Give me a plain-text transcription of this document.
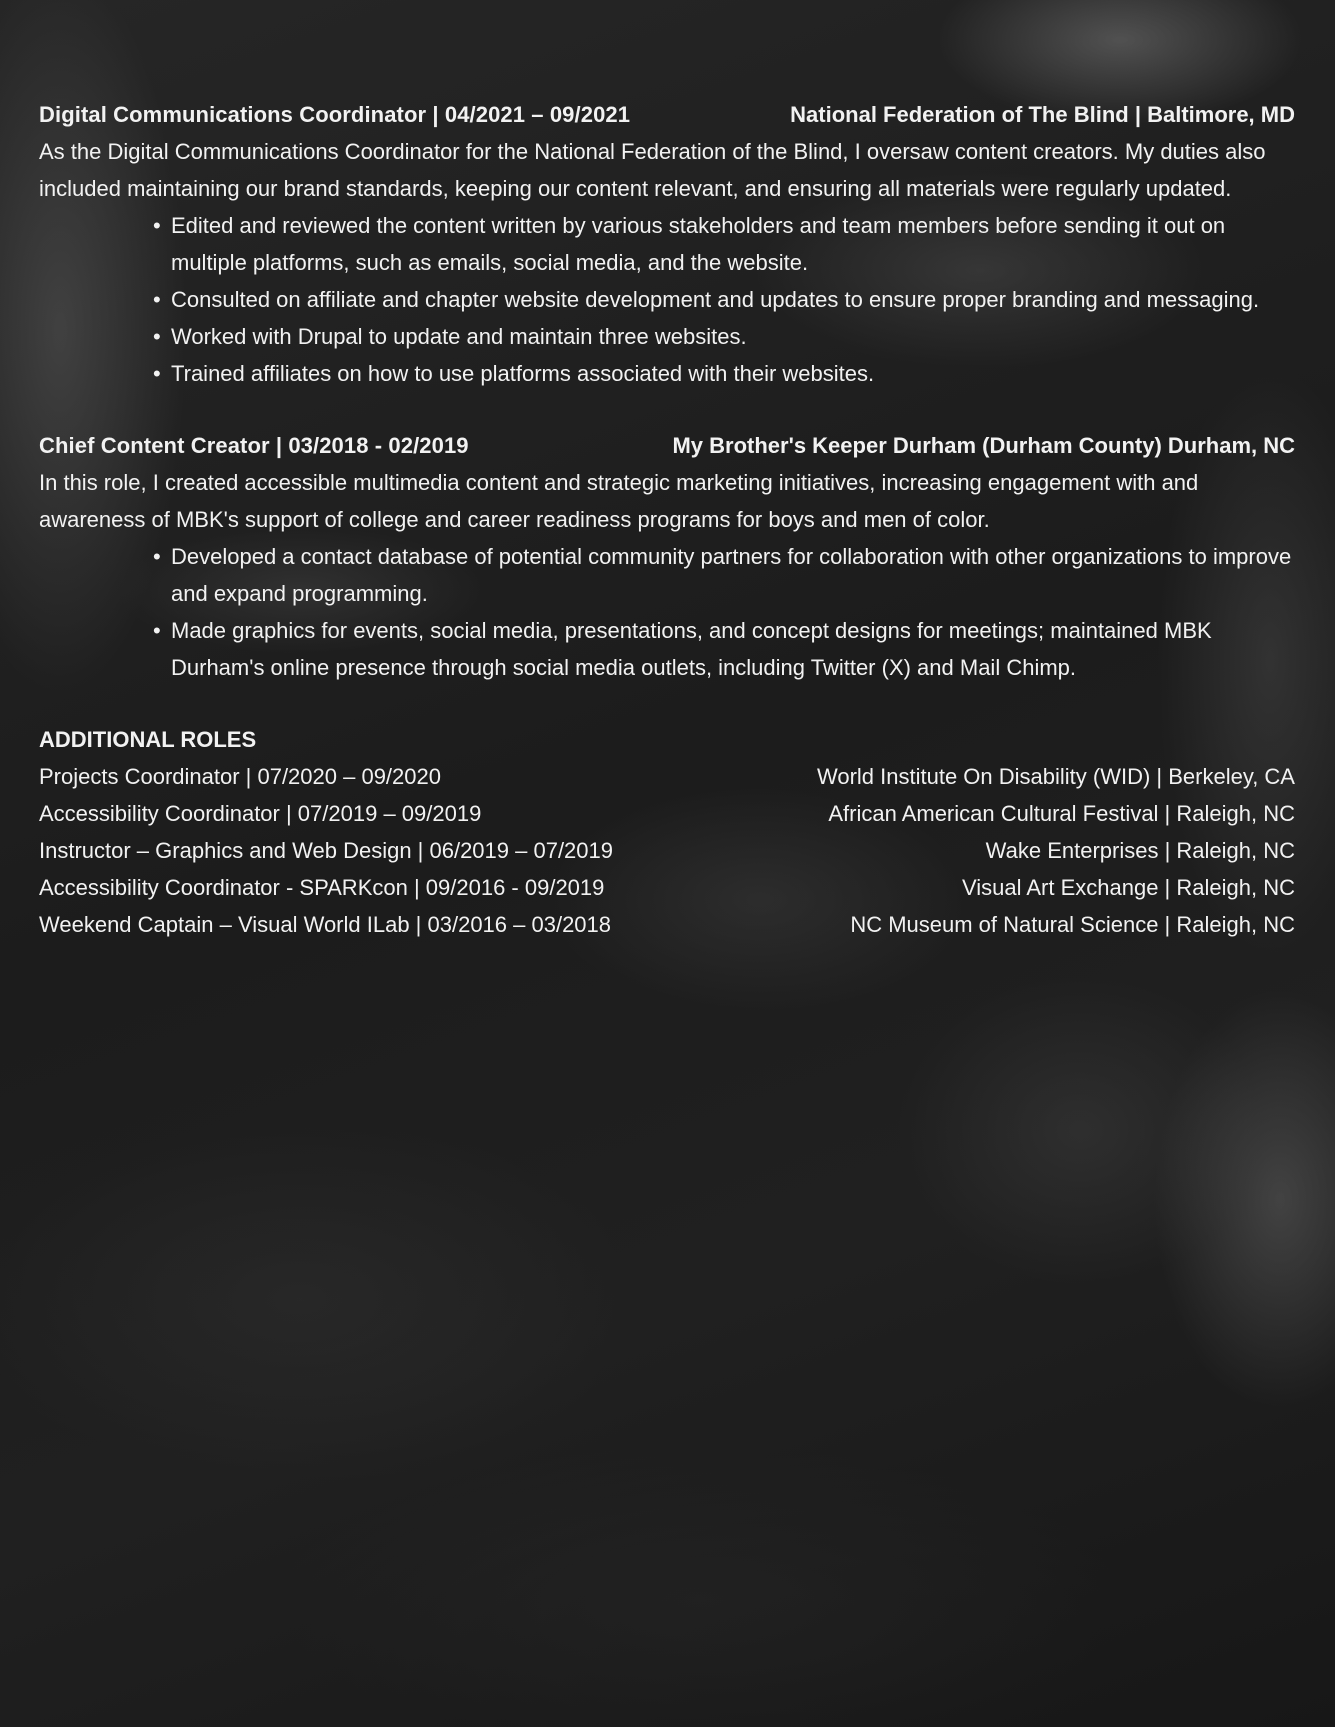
Digital Communications Coordinator | 04/2021 – 09/2021	National Federation of The Blind | Baltimore, MD

As the Digital Communications Coordinator for the National Federation of the Blind, I oversaw content creators. My duties also included maintaining our brand standards, keeping our content relevant, and ensuring all materials were regularly updated.

• Edited and reviewed the content written by various stakeholders and team members before sending it out on multiple platforms, such as emails, social media, and the website.
• Consulted on affiliate and chapter website development and updates to ensure proper branding and messaging.
• Worked with Drupal to update and maintain three websites.
• Trained affiliates on how to use platforms associated with their websites.
Chief Content Creator | 03/2018 - 02/2019	My Brother's Keeper Durham (Durham County) Durham, NC

In this role, I created accessible multimedia content and strategic marketing initiatives, increasing engagement with and awareness of MBK's support of college and career readiness programs for boys and men of color.

• Developed a contact database of potential community partners for collaboration with other organizations to improve and expand programming.
• Made graphics for events, social media, presentations, and concept designs for meetings; maintained MBK Durham's online presence through social media outlets, including Twitter (X) and Mail Chimp.
ADDITIONAL ROLES
Projects Coordinator | 07/2020 – 09/2020	World Institute On Disability (WID) | Berkeley, CA
Accessibility Coordinator | 07/2019 – 09/2019	African American Cultural Festival | Raleigh, NC
Instructor – Graphics and Web Design | 06/2019 – 07/2019	Wake Enterprises | Raleigh, NC
Accessibility Coordinator - SPARKcon | 09/2016 - 09/2019	Visual Art Exchange | Raleigh, NC
Weekend Captain – Visual World ILab | 03/2016 – 03/2018	NC Museum of Natural Science | Raleigh, NC
